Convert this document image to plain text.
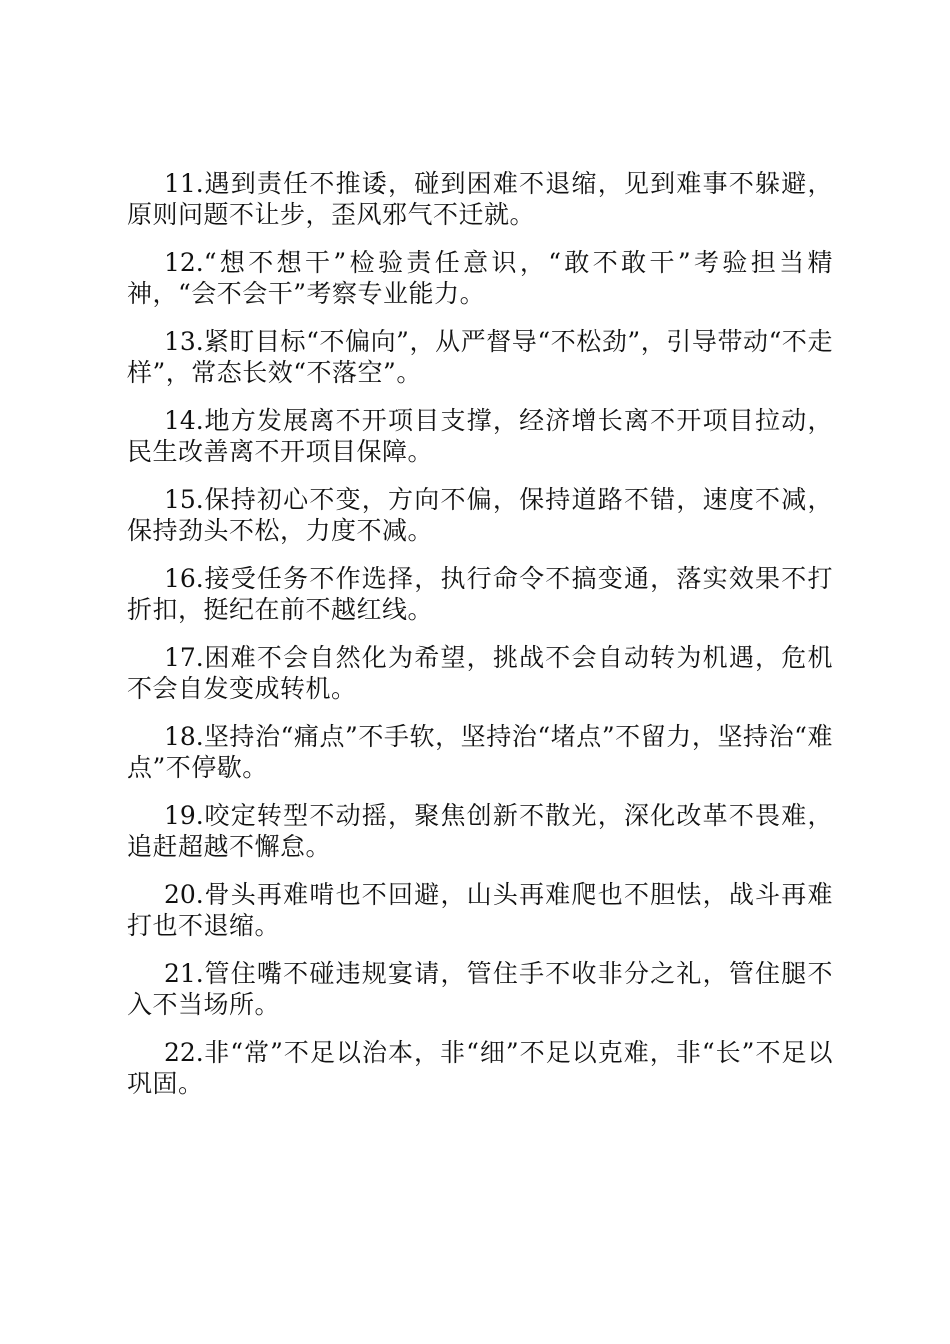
11.遇到责任不推诿，碰到困难不退缩，见到难事不躲避，原则问题不让步，歪风邪气不迁就。

12.“想不想干”检验责任意识，“敢不敢干”考验担当精神，“会不会干”考察专业能力。

13.紧盯目标“不偏向”，从严督导“不松劲”，引导带动“不走样”，常态长效“不落空”。

14.地方发展离不开项目支撑，经济增长离不开项目拉动，民生改善离不开项目保障。

15.保持初心不变，方向不偏，保持道路不错，速度不减，保持劲头不松，力度不减。

16.接受任务不作选择，执行命令不搞变通，落实效果不打折扣，挺纪在前不越红线。

17.困难不会自然化为希望，挑战不会自动转为机遇，危机不会自发变成转机。

18.坚持治“痛点”不手软，坚持治“堵点”不留力，坚持治“难点”不停歇。

19.咬定转型不动摇，聚焦创新不散光，深化改革不畏难，追赶超越不懈怠。

20.骨头再难啃也不回避，山头再难爬也不胆怯，战斗再难打也不退缩。

21.管住嘴不碰违规宴请，管住手不收非分之礼，管住腿不入不当场所。

22.非“常”不足以治本，非“细”不足以克难，非“长”不足以巩固。
